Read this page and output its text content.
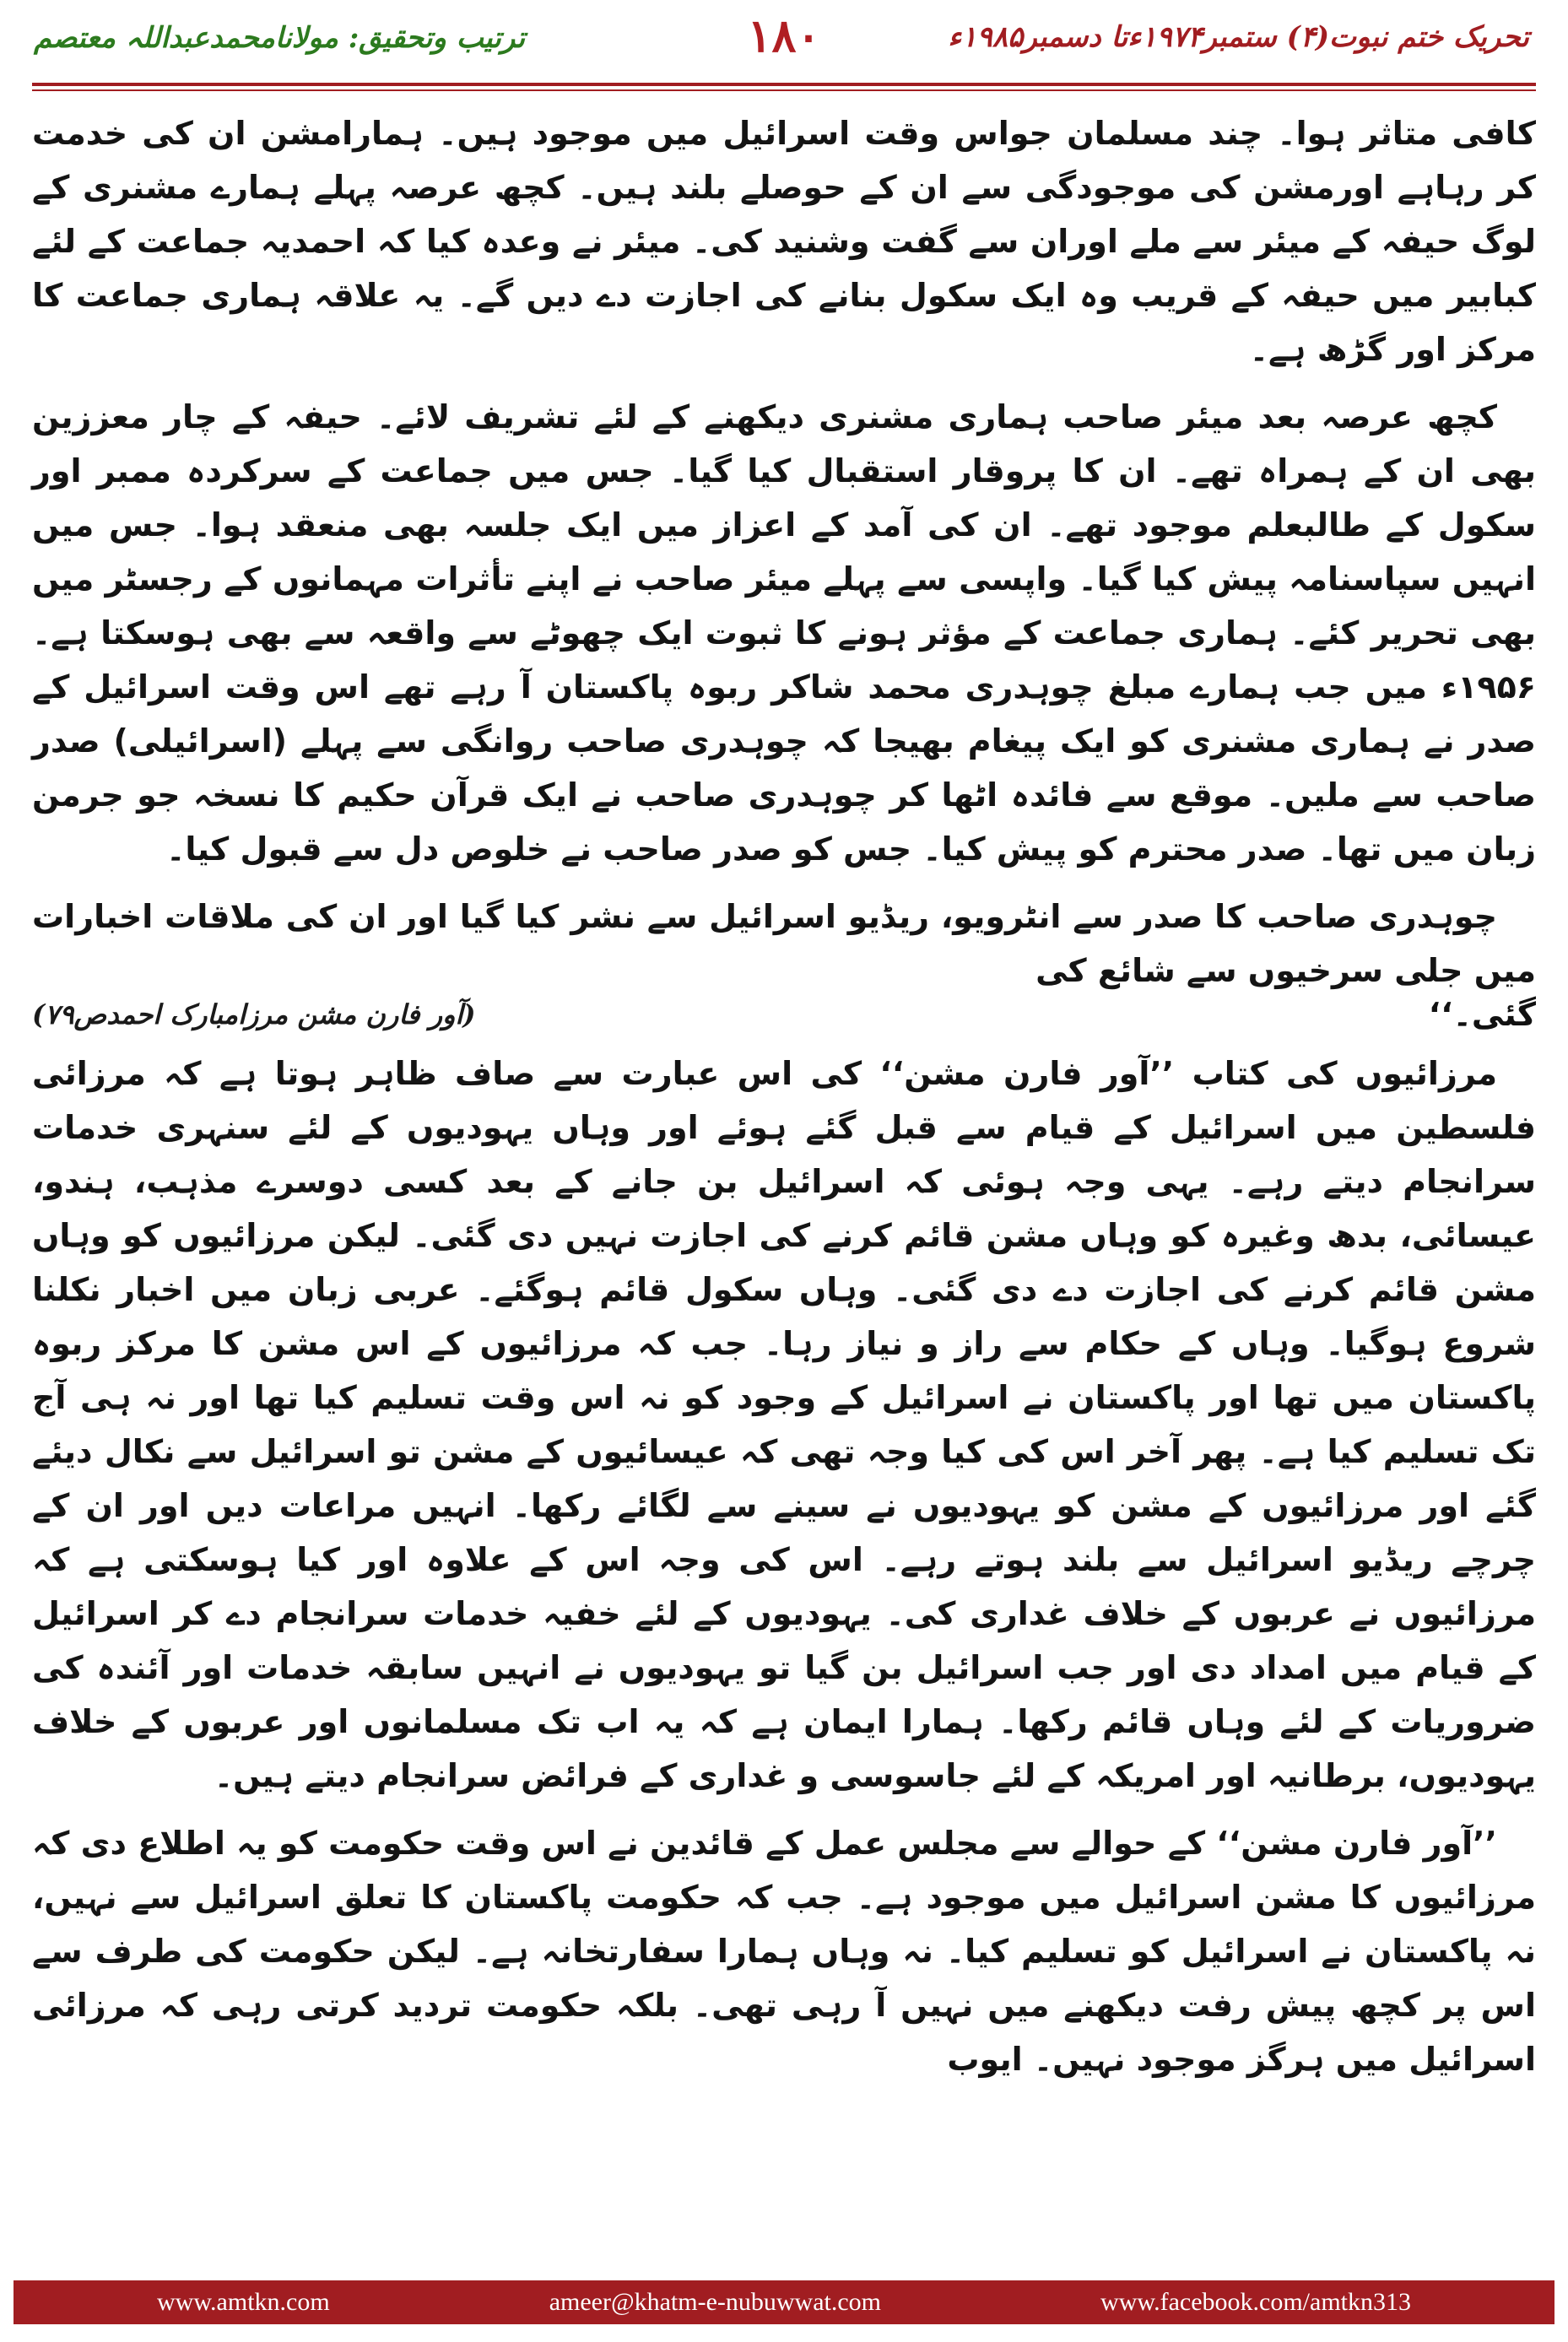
تحریک ختم نبوت(۴) ستمبر۱۹۷۴ءتا دسمبر۱۹۸۵ء
۱۸۰
ترتیب وتحقیق: مولانامحمدعبداللہ معتصم

کافی متاثر ہوا۔ چند مسلمان جواس وقت اسرائیل میں موجود ہیں۔ ہمارامشن ان کی خدمت کر رہاہے اورمشن کی موجودگی سے ان کے حوصلے بلند ہیں۔ کچھ عرصہ پہلے ہمارے مشنری کے لوگ حیفہ کے میئر سے ملے اوران سے گفت وشنید کی۔ میئر نے وعدہ کیا کہ احمدیہ جماعت کے لئے کبابیر میں حیفہ کے قریب وہ ایک سکول بنانے کی اجازت دے دیں گے۔ یہ علاقہ ہماری جماعت کا مرکز اور گڑھ ہے۔

کچھ عرصہ بعد میئر صاحب ہماری مشنری دیکھنے کے لئے تشریف لائے۔ حیفہ کے چار معززین بھی ان کے ہمراہ تھے۔ ان کا پروقار استقبال کیا گیا۔ جس میں جماعت کے سرکردہ ممبر اور سکول کے طالبعلم موجود تھے۔ ان کی آمد کے اعزاز میں ایک جلسہ بھی منعقد ہوا۔ جس میں انہیں سپاسنامہ پیش کیا گیا۔ واپسی سے پہلے میئر صاحب نے اپنے تأثرات مہمانوں کے رجسٹر میں بھی تحریر کئے۔ ہماری جماعت کے مؤثر ہونے کا ثبوت ایک چھوٹے سے واقعہ سے بھی ہوسکتا ہے۔ ۱۹۵۶ء میں جب ہمارے مبلغ چوہدری محمد شاکر ربوہ پاکستان آ رہے تھے اس وقت اسرائیل کے صدر نے ہماری مشنری کو ایک پیغام بھیجا کہ چوہدری صاحب روانگی سے پہلے (اسرائیلی) صدر صاحب سے ملیں۔ موقع سے فائدہ اٹھا کر چوہدری صاحب نے ایک قرآن حکیم کا نسخہ جو جرمن زبان میں تھا۔ صدر محترم کو پیش کیا۔ جس کو صدر صاحب نے خلوص دل سے قبول کیا۔

چوہدری صاحب کا صدر سے انٹرویو، ریڈیو اسرائیل سے نشر کیا گیا اور ان کی ملاقات اخبارات میں جلی سرخیوں سے شائع کی

گئی۔‘‘
(آور فارن مشن مرزامبارک احمدص۷۹)

مرزائیوں کی کتاب ’’آور فارن مشن‘‘ کی اس عبارت سے صاف ظاہر ہوتا ہے کہ مرزائی فلسطین میں اسرائیل کے قیام سے قبل گئے ہوئے اور وہاں یہودیوں کے لئے سنہری خدمات سرانجام دیتے رہے۔ یہی وجہ ہوئی کہ اسرائیل بن جانے کے بعد کسی دوسرے مذہب، ہندو، عیسائی، بدھ وغیرہ کو وہاں مشن قائم کرنے کی اجازت نہیں دی گئی۔ لیکن مرزائیوں کو وہاں مشن قائم کرنے کی اجازت دے دی گئی۔ وہاں سکول قائم ہوگئے۔ عربی زبان میں اخبار نکلنا شروع ہوگیا۔ وہاں کے حکام سے راز و نیاز رہا۔ جب کہ مرزائیوں کے اس مشن کا مرکز ربوہ پاکستان میں تھا اور پاکستان نے اسرائیل کے وجود کو نہ اس وقت تسلیم کیا تھا اور نہ ہی آج تک تسلیم کیا ہے۔ پھر آخر اس کی کیا وجہ تھی کہ عیسائیوں کے مشن تو اسرائیل سے نکال دیئے گئے اور مرزائیوں کے مشن کو یہودیوں نے سینے سے لگائے رکھا۔ انہیں مراعات دیں اور ان کے چرچے ریڈیو اسرائیل سے بلند ہوتے رہے۔ اس کی وجہ اس کے علاوہ اور کیا ہوسکتی ہے کہ مرزائیوں نے عربوں کے خلاف غداری کی۔ یہودیوں کے لئے خفیہ خدمات سرانجام دے کر اسرائیل کے قیام میں امداد دی اور جب اسرائیل بن گیا تو یہودیوں نے انہیں سابقہ خدمات اور آئندہ کی ضروریات کے لئے وہاں قائم رکھا۔ ہمارا ایمان ہے کہ یہ اب تک مسلمانوں اور عربوں کے خلاف یہودیوں، برطانیہ اور امریکہ کے لئے جاسوسی و غداری کے فرائض سرانجام دیتے ہیں۔

’’آور فارن مشن‘‘ کے حوالے سے مجلس عمل کے قائدین نے اس وقت حکومت کو یہ اطلاع دی کہ مرزائیوں کا مشن اسرائیل میں موجود ہے۔ جب کہ حکومت پاکستان کا تعلق اسرائیل سے نہیں، نہ پاکستان نے اسرائیل کو تسلیم کیا۔ نہ وہاں ہمارا سفارتخانہ ہے۔ لیکن حکومت کی طرف سے اس پر کچھ پیش رفت دیکھنے میں نہیں آ رہی تھی۔ بلکہ حکومت تردید کرتی رہی کہ مرزائی اسرائیل میں ہرگز موجود نہیں۔ ایوب

www.amtkn.com	ameer@khatm-e-nubuwwat.com	www.facebook.com/amtkn313
